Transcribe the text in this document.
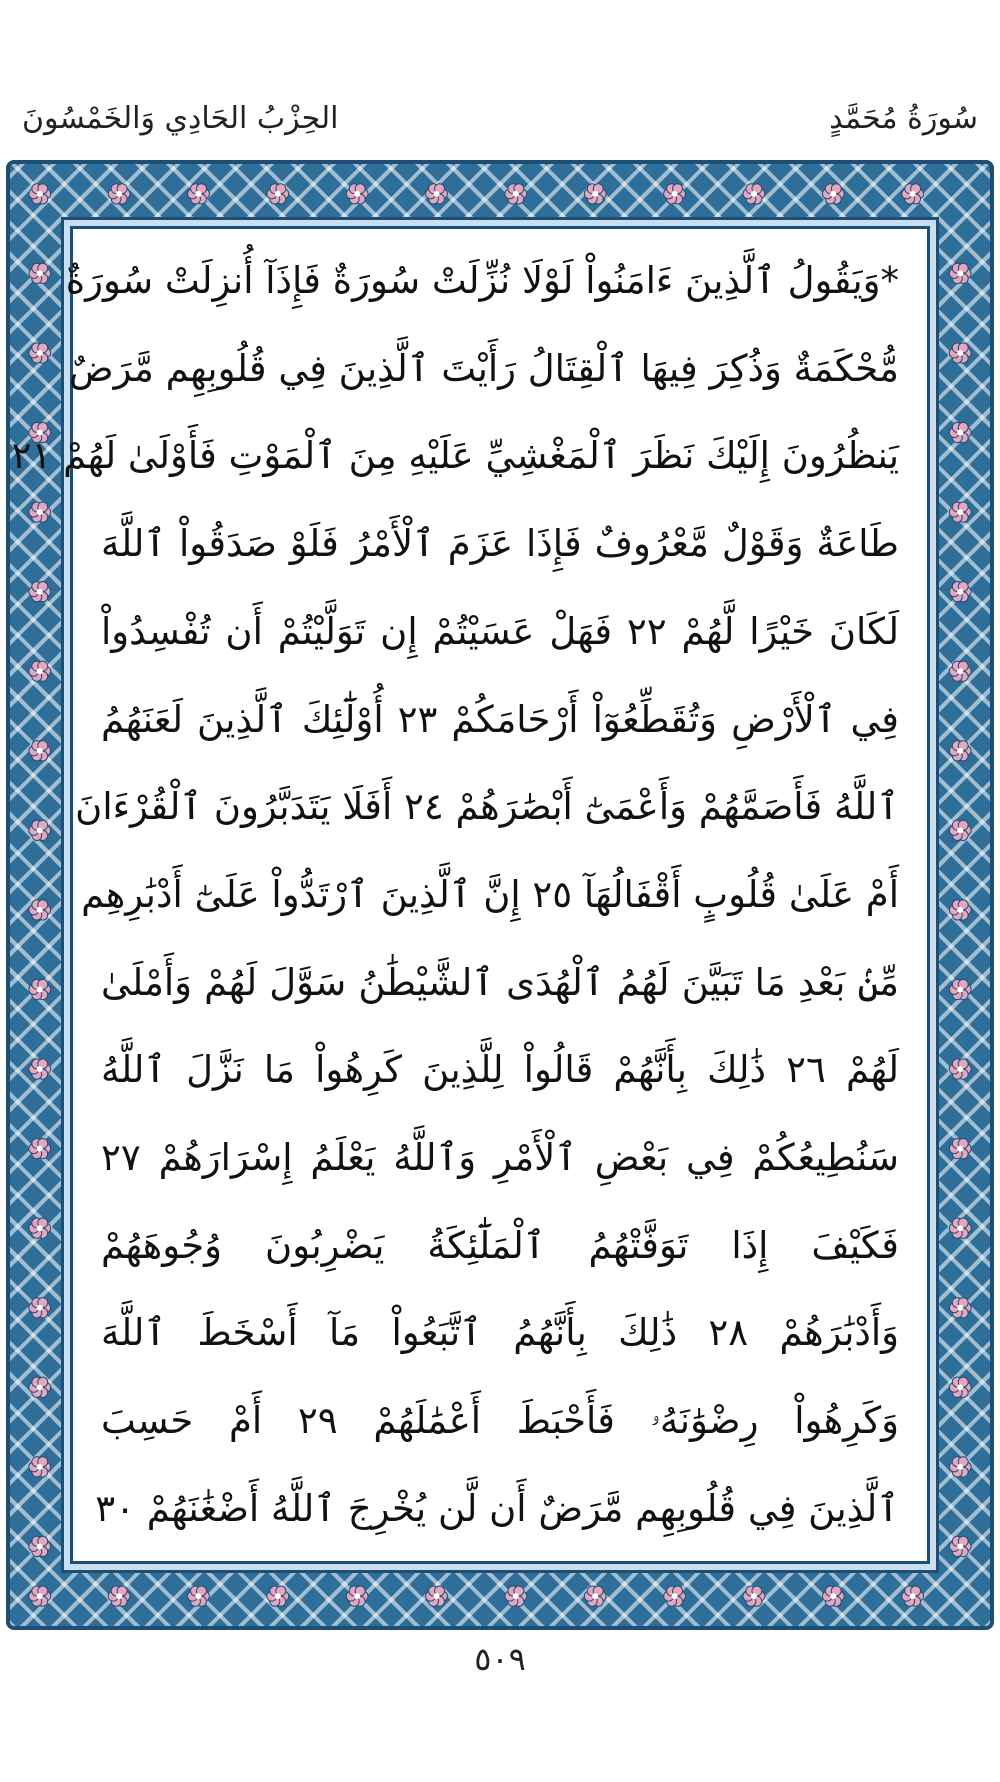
سُورَةُ مُحَمَّدٍ
الحِزْبُ الحَادِي وَالخَمْسُونَ
*وَيَقُولُ ٱلَّذِينَ ءَامَنُواْ لَوْلَا نُزِّلَتْ سُورَةٌ فَإِذَآ أُنزِلَتْ سُورَةٌ
مُّحْكَمَةٌ وَذُكِرَ فِيهَا ٱلْقِتَالُ رَأَيْتَ ٱلَّذِينَ فِي قُلُوبِهِم مَّرَضٌ
يَنظُرُونَ إِلَيْكَ نَظَرَ ٱلْمَغْشِيِّ عَلَيْهِ مِنَ ٱلْمَوْتِ فَأَوْلَىٰ لَهُمْ ٢١
طَاعَةٌ وَقَوْلٌ مَّعْرُوفٌ فَإِذَا عَزَمَ ٱلْأَمْرُ فَلَوْ صَدَقُواْ ٱللَّهَ
لَكَانَ خَيْرًا لَّهُمْ ٢٢ فَهَلْ عَسَيْتُمْ إِن تَوَلَّيْتُمْ أَن تُفْسِدُواْ
فِي ٱلْأَرْضِ وَتُقَطِّعُوٓاْ أَرْحَامَكُمْ ٢٣ أُوْلَٰٓئِكَ ٱلَّذِينَ لَعَنَهُمُ
ٱللَّهُ فَأَصَمَّهُمْ وَأَعْمَىٰٓ أَبْصَٰرَهُمْ ٢٤ أَفَلَا يَتَدَبَّرُونَ ٱلْقُرْءَانَ
أَمْ عَلَىٰ قُلُوبٍ أَقْفَالُهَآ ٢٥ إِنَّ ٱلَّذِينَ ٱرْتَدُّواْ عَلَىٰٓ أَدْبَٰرِهِم
مِّنۢ بَعْدِ مَا تَبَيَّنَ لَهُمُ ٱلْهُدَى ٱلشَّيْطَٰنُ سَوَّلَ لَهُمْ وَأَمْلَىٰ
لَهُمْ ٢٦ ذَٰلِكَ بِأَنَّهُمْ قَالُواْ لِلَّذِينَ كَرِهُواْ مَا نَزَّلَ ٱللَّهُ
سَنُطِيعُكُمْ فِي بَعْضِ ٱلْأَمْرِ وَٱللَّهُ يَعْلَمُ إِسْرَارَهُمْ ٢٧
فَكَيْفَ إِذَا تَوَفَّتْهُمُ ٱلْمَلَٰٓئِكَةُ يَضْرِبُونَ وُجُوهَهُمْ
وَأَدْبَٰرَهُمْ ٢٨ ذَٰلِكَ بِأَنَّهُمُ ٱتَّبَعُواْ مَآ أَسْخَطَ ٱللَّهَ
وَكَرِهُواْ رِضْوَٰنَهُۥ فَأَحْبَطَ أَعْمَٰلَهُمْ ٢٩ أَمْ حَسِبَ
ٱلَّذِينَ فِي قُلُوبِهِم مَّرَضٌ أَن لَّن يُخْرِجَ ٱللَّهُ أَضْغَٰنَهُمْ ٣٠
٥٠٩
